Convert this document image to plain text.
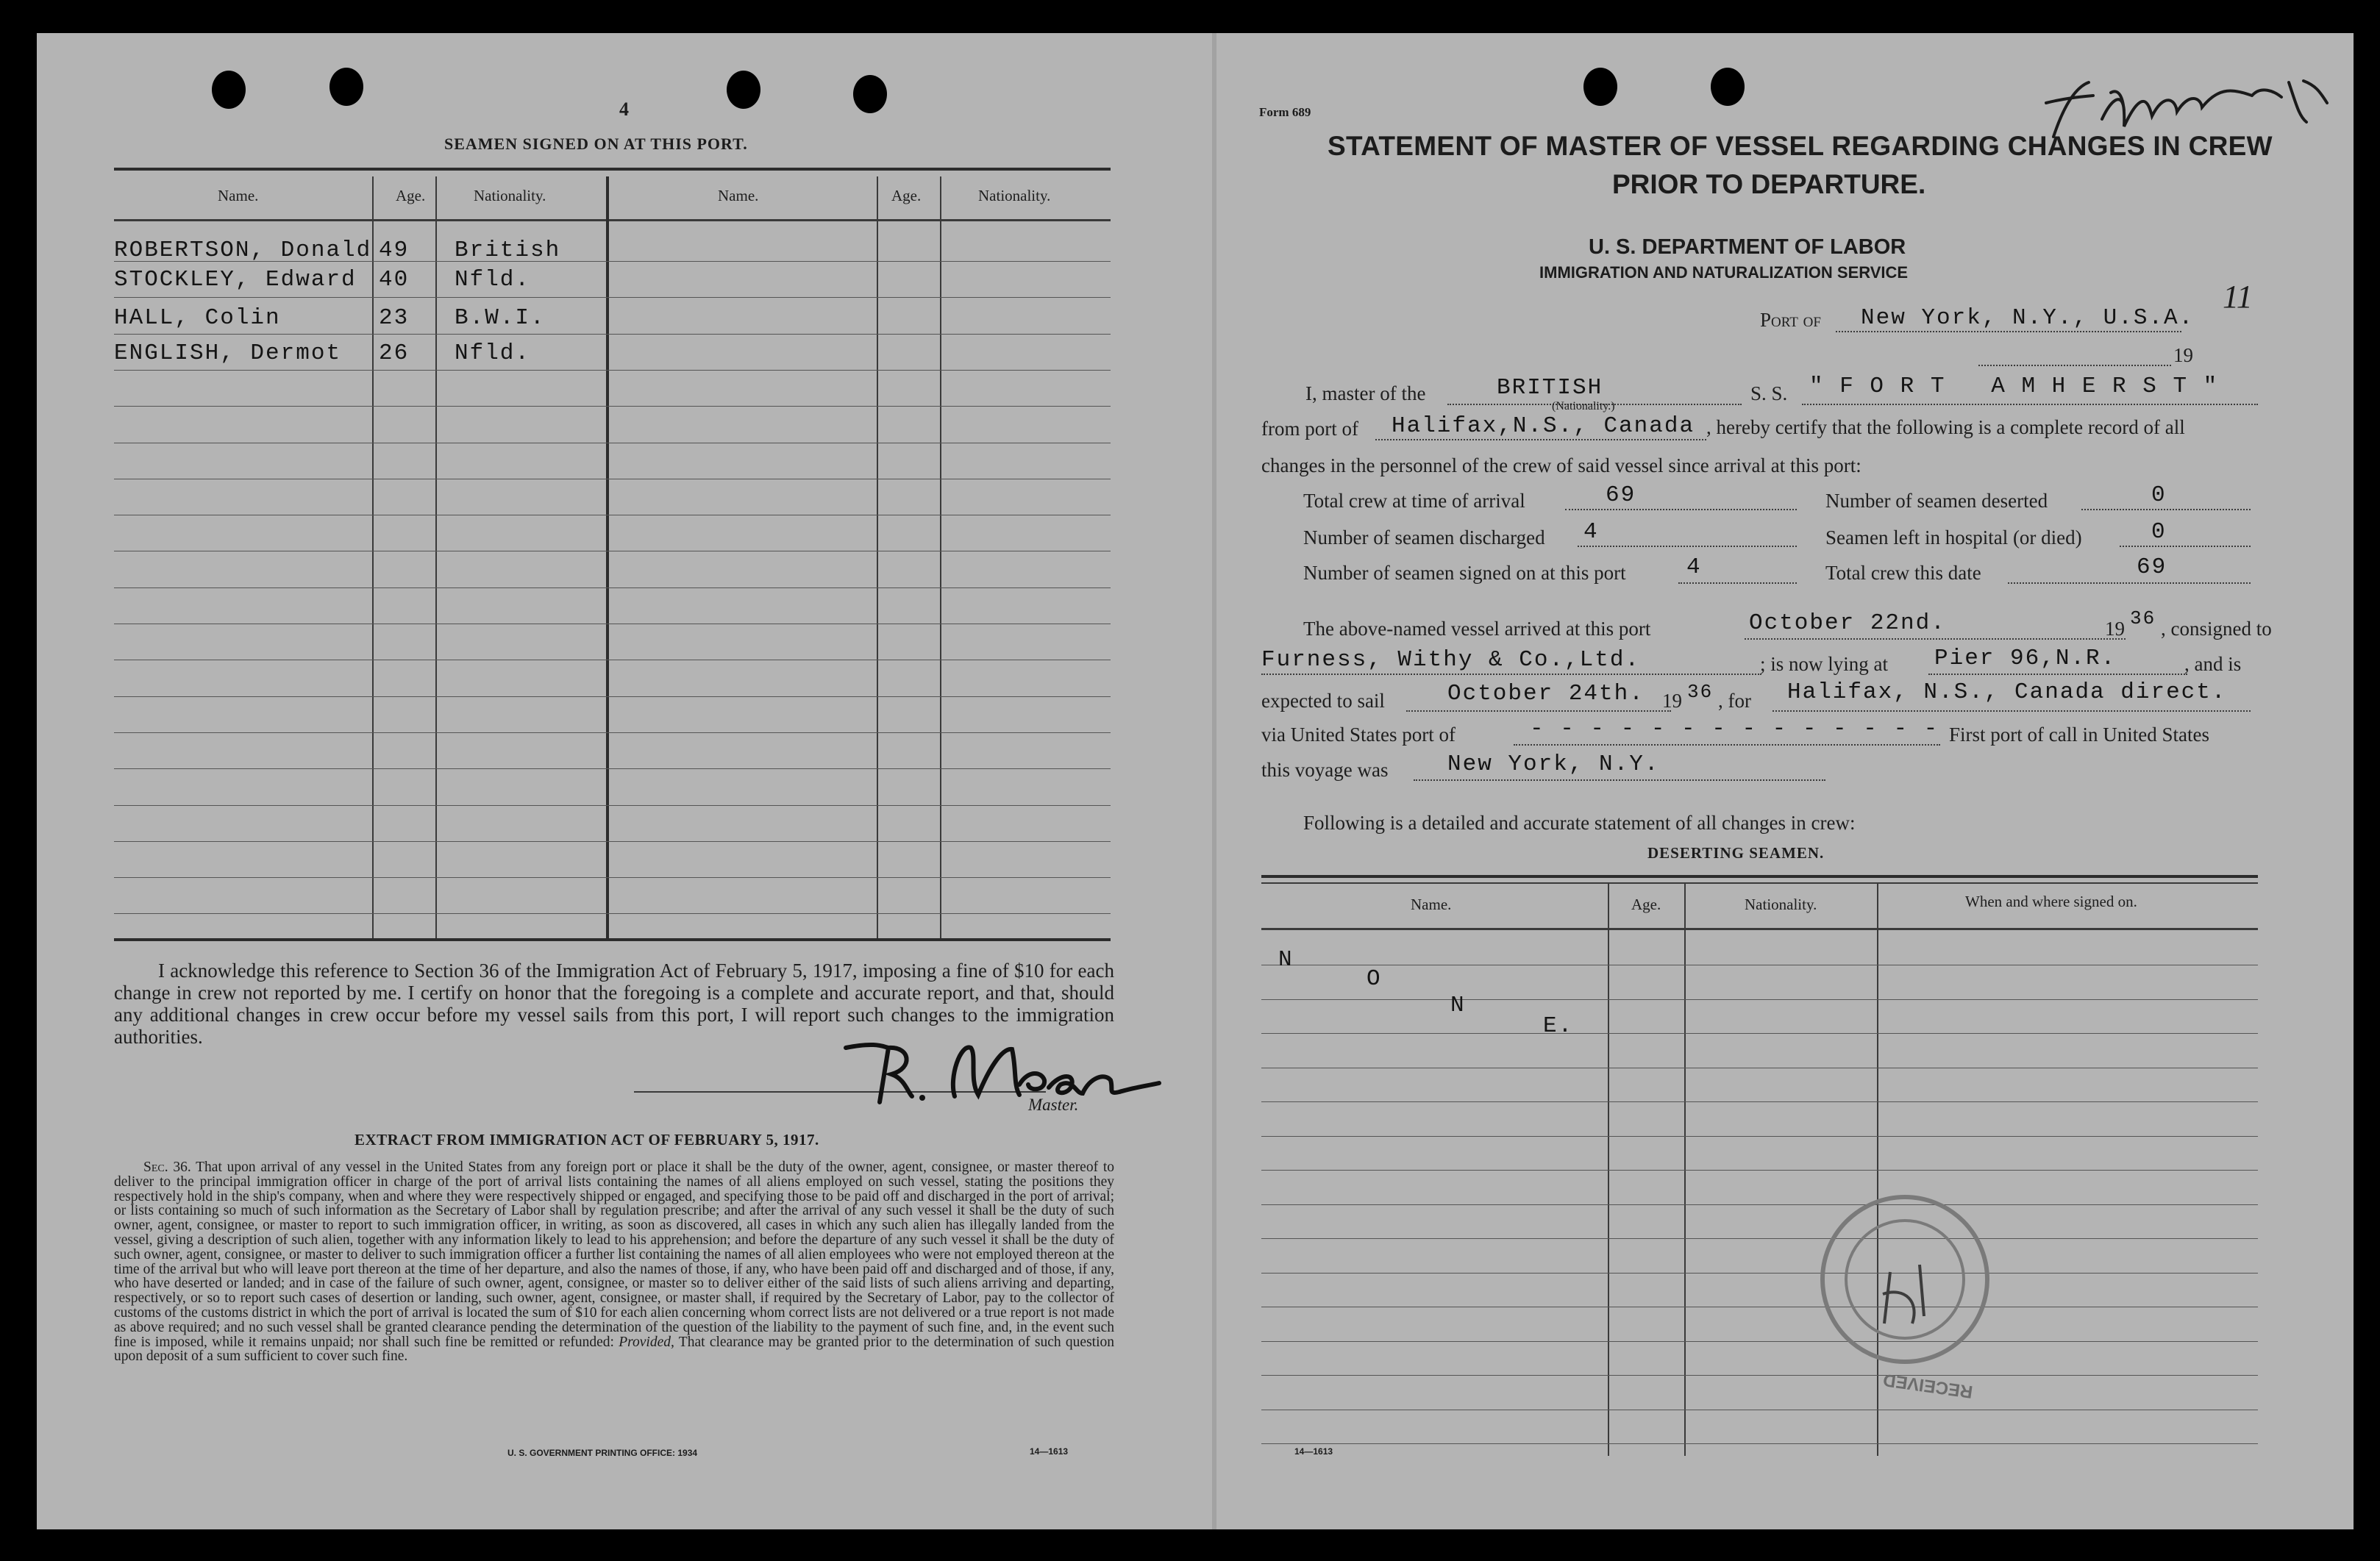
4
SEAMEN SIGNED ON AT THIS PORT.
Name.	Age.	Nationality.	Name.	Age.	Nationality.
ROBERTSON, Donald 49 British
STOCKLEY, Edward 40 Nfld.
HALL, Colin	23 B.W.I.
ENGLISH, Dermot 26 Nfld.
I acknowledge this reference to Section 36 of the Immigration Act of February 5, 1917, imposing a fine of $10 for each change in crew not reported by me. I certify on honor that the foregoing is a complete and accurate report, and that, should any additional changes in crew occur before my vessel sails from this port, I will report such changes to the immigration authorities.
Master.
EXTRACT FROM IMMIGRATION ACT OF FEBRUARY 5, 1917.
Sec. 36. That upon arrival of any vessel in the United States from any foreign port or place it shall be the duty of the owner, agent, consignee, or master thereof to deliver to the principal immigration officer in charge of the port of arrival lists containing the names of all aliens employed on such vessel, stating the positions they respectively hold in the ship's company, when and where they were respectively shipped or engaged, and specifying those to be paid off and discharged in the port of arrival; or lists containing so much of such information as the Secretary of Labor shall by regulation prescribe; and after the arrival of any such vessel it shall be the duty of such owner, agent, consignee, or master to report to such immigration officer, in writing, as soon as discovered, all cases in which any such alien has illegally landed from the vessel, giving a description of such alien, together with any information likely to lead to his apprehension; and before the departure of any such vessel it shall be the duty of such owner, agent, consignee, or master to deliver to such immigration officer a further list containing the names of all alien employees who were not employed thereon at the time of the arrival but who will leave port thereon at the time of her departure, and also the names of those, if any, who have been paid off and discharged and of those, if any, who have deserted or landed; and in case of the failure of such owner, agent, consignee, or master so to deliver either of the said lists of such aliens arriving and departing, respectively, or so to report such cases of desertion or landing, such owner, agent, consignee, or master shall, if required by the Secretary of Labor, pay to the collector of customs of the customs district in which the port of arrival is located the sum of $10 for each alien concerning whom correct lists are not delivered or a true report is not made as above required; and no such vessel shall be granted clearance pending the determination of the question of the liability to the payment of such fine, and, in the event such fine is imposed, while it remains unpaid; nor shall such fine be remitted or refunded: Provided, That clearance may be granted prior to the determination of such question upon deposit of a sum sufficient to cover such fine.
U. S. GOVERNMENT PRINTING OFFICE: 1934	14—1613
Form 689
11
STATEMENT OF MASTER OF VESSEL REGARDING CHANGES IN CREW
PRIOR TO DEPARTURE.
U. S. DEPARTMENT OF LABOR
IMMIGRATION AND NATURALIZATION SERVICE
Port of New York, N.Y., U.S.A.
19
I, master of the	BRITISH
(Nationality.)
S. S. " F O R T   A M H E R S T "
from port of Halifax,N.S., Canada , hereby certify that the following is a complete record of all
changes in the personnel of the crew of said vessel since arrival at this port:
Total crew at time of arrival	69	Number of seamen deserted	0
Number of seamen discharged 4	Seamen left in hospital (or died)	0
Number of seamen signed on at this port	4	Total crew this date	69
The above-named vessel arrived at this port	October 22nd.	19 36 , consigned to
Furness, Withy & Co.,Ltd.	; is now lying at Pier 96,N.R.	, and is
expected to sail	October 24th. 19 36 , for Halifax, N.S., Canada direct.
via United States port of	- - - - - - - - - - - - - - First port of call in United States
this voyage was	New York, N.Y.
Following is a detailed and accurate statement of all changes in crew:
DESERTING SEAMEN.
Name.	Age.	Nationality.	When and where signed on.
N
O
N
E.
RECEIVED
14—1613
